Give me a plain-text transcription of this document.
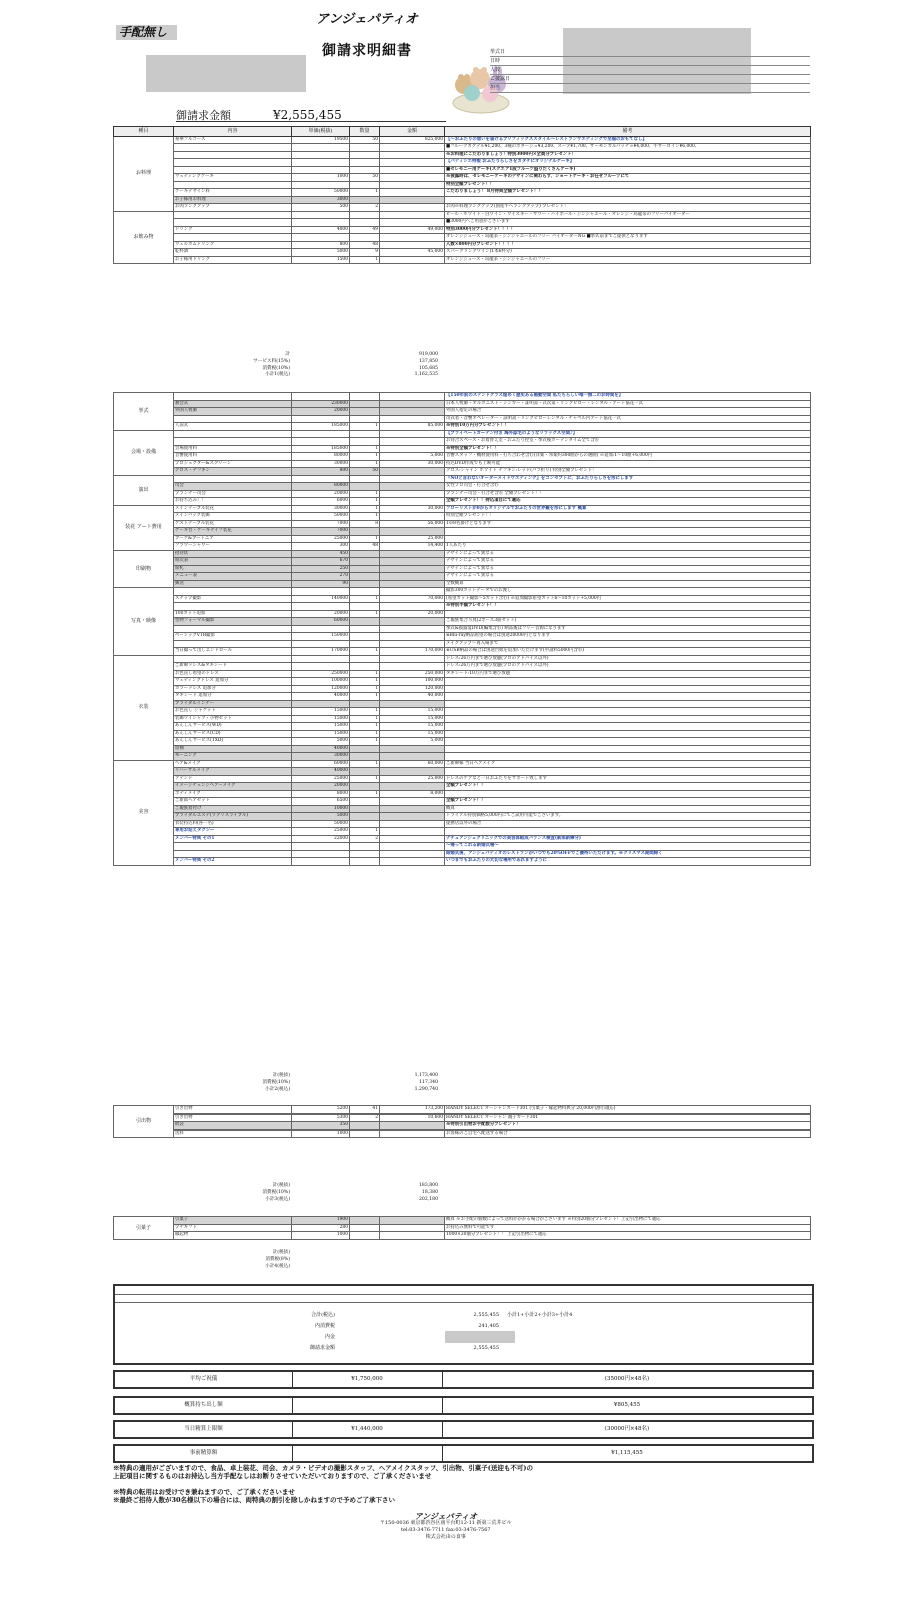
手配無し
アンジェパティオ
御請求明細書	挙式日
日時
人数
ご披露日
担当
御請求金額	¥2,555,455
種目	内容	単価(税抜)	数量	金額	備考
お料理	豪華フルコース	19500	50	825,000	【〜おふたりの想いを届けるプリフィックススタイル〜レストランウエディングで至福のおもてなし】
					■フルーツカクテル¥1,200、3種のポタージュ¥3,200、スープ¥1,700、サーモンカルパッチョ¥4,000、牛サーロイン¥6,000、
					※お料理にこだわりましょう！特別3000円×全員分プレゼント！
					【パティシエ特製 おふたりらしさをカタチにオリジナルケーキ】
					■セレモニー用ケーキ(スクエア1段フルーツ盛りだくさんケーキ)
	ウェディングケーキ	1000	50		※披露時は、セレモニーケーキのデザインに関わらず、ショートケーキ・お任せフルーツにて
					特別全額プレゼント！！
	ケーキデザイン料	50000	1		こだわりましょう！ 8月特典全額プレゼント！！
	お子様用お料理	3000			
	お肉ランクアップ	500	2		お肉※料理ランクアップ(国産牛へランクアップ) プレゼント！
お飲み物					ビール・ホワイト・白ワイン・ウイスキー・サワー・ハイボール・ジンジャエール・オレンジ・烏龍茶のフリーバイオーダー
					■3000円へご用意がございます
	ドリンク	4000	49	49,000	特別3000円分プレゼント！！！！
					オレンジジュース・烏龍茶・ジンジャエールのフリー バイオーダーNG ■挙式前までご提供となります
	ウェルカムドリンク	800	48		人数×800円分プレゼント！！！！
	乾杯酒	5000	9	45,000	スパークリングワイン(1本6杯分)
	お子様用ドリンク	1500	1		オレンジジュース・烏龍茶・ジンジャエールのフリー
計	919,000
サービス料(15%)	137,850
消費税(10%)	105,685
小計1(税込)	1,162,535
挙式					【150年前のステンドグラス煌めく歴史ある感動空間 私たちらしい唯一無二のお時間を】
	教会式	230000			日本人牧師・オルガニスト・シンガー・証明書・式次第・リングピロー・レンタル・アート協花一式
	外国人牧師	20000			外国人指定の場合
					司式者・音響オペレーター・証明書・リングピローレンタル・チャペル内アート協花一式
	人前式	185000	1	85,000	※特別10万円分プレゼント！！
会場・設備					【プライベートガーデン付き 海外邸宅のようなリラックス空間♪】
					お待合スペース・お着替え室・おふたり控室・挙式後ガーデンタイム全て含む
	会場使用料	185000	1		※特別全額プレゼント！！
	音響使用料	80000	1	5,000	音響スタッフ・機材使用料・打ち合わせ含む(洋楽・邦楽約300曲からの選曲) ※追加:1〜10曲+6,000円
	プロジェクター&スクリーン	30000	1	30,000	持込DVD作成でも上映可能
	クロス・ナフキン	800	50		クロス:シャイン ホワイト ナフキン:レッド(バラ折り) 特別全額プレゼント！
演出					『NOと言わないオーダーメイドウエディング』をコンセプトに、おふたりらしさを形にします
	司会	80000			女性プロ司会・打合せ含む
	プランナー司会	20000	1		プランナー司会・打合せ含む 全額プレゼント！！
	お持ち込み！！	6000	1		全額プレゼント！！持込項目にて適応
装花 アート費用	メインテーブル装花	30000	1	30,000	フローリストが0からオリジナルでおふたりの世界観を形にします 概算
	メインバック装飾	50000	1		特別全額プレゼント！！
	ゲストテーブル装花	7000	8	56,000	1卓8名掛けとなります
	ケーキ台・ケーキナイフ装花	7000			
	ブーケ&ブートニア	25000	1	25,000	
	フラワーシャワー	300	48	14,400	1人あたり
印刷物	招待状	450			デザインによって異なる
	席次表	670			デザインによって異なる
	席札	250			デザインによって異なる
	メニュー表	270			デザインによって異なる
	郵送	90			全数概算
写真・映像					撮影300カットデータでのお渡し
	スナップ撮影	140000	1	70,000	(希望カット撮影〜5カット含む) ※追加撮影希望カット6〜10カット+5,000円
					※特別半額プレゼント！！
	100カット追加	20000	1	20,000	
	型物フォーマル撮影	60000			ご親族集合写真(2ポーズ3面セット)
					挙式&披露宴DVD(編集含む) 納品後はフリー音源になります
	ベーシックVTR撮影	150000			※Blu-ray納品希望の場合は別途20000円となります
					メイクアップ〜再入場まで
	当日撮って出しエンドロール	170000	1	170,000	※USB納品の場合は別途台紙を追加いただけます(申請料5000円含む)
衣装					ドレス:26万円まで選び放題(プロのアドバイス以外)
	ご新婦ドレス&タキシード				ドレス:26万円まで選び放題(プロのアドバイス以外)
	お色直し希望のドレス	250000	1	250,000	タキシード:10万円まで選び放題
	ウェディングドレス 追加分	100000	1	100,000	
	カラードレス 追加分	120000	1	120,000	
	タキシード 追加分	40000	1	40,000	
	ブライダルインナー				
	お色直し ジャケット	15000	1	15,000	
	装飾ワイシャツ・小物セット	15000	1	15,000	
	あんしんサービス(WD)	15000	1	15,000	
	あんしんサービス(CD)	15000	1	15,000	
	あんしんサービス(TXD)	5000	1	5,000	
	留袖	40000			
	モーニング	30000			
美容	ヘア&メイク	60000	1	60,000	ご新婦様 当日ヘアメイク
	リハーサルメイク	40000			
	アテンド	25000	1	25,000	ドレスのケアなど一日おふたりをサポート致します
	イメージチェンジヘアーメイク	20000			全額プレゼント！！
	ボディメイク	8000	1	8,000	
	ご新郎ヘアセット	6500			全額プレゼント！！
	ご親族着付け	10000			概算
	ブライダルエステ(ラグリスライブル)	5000			トライアル特別価格5,000円にてご試用可能でございます。
	衣装持込料(各一名)	50000			提携店以外の場合
	専用お迎えタクシー	25000	1		
	メンバー特典 その1	22000	2		ナチュアンジェクリニックでの美容体組成バランス検査(新郎新婦分)
					〜帰ってこれる新婚式場〜
					結婚式後、アンジェパティオのレストランがいつでも20%OFFでご優待いただけます。※クリスマス期間除く
	メンバー特典 その2				いつまでもおふたりの大切な場所であれますように
計(税抜)	1,173,400
消費税(10%)	117,340
小計2(税込)	1,290,740
引出物	引き出物	5200	41	173,200	HANDY SELECT オーシャンカード301 (引菓子・縁起物特典分 20,000円割引適応)

	引き出物	5300	2	10,600	HANDY SELECT オーシャン 親子カード301
	紙袋	350			※特別引出物お手配数分プレゼント！

	送料	1000			お客様のご自宅へ配送する場合
計(税抜)	183,800
消費税(10%)	18,380
小計3(税込)	202,180
引菓子	引菓子	1900			概算 ※お手配の個数によって送料がかかる場合がございます ※特別20個分プレゼント！上記引出物にて適応
	プチギフト	280			お持込み無料で可能です
	縁起物	1000			1000×20個分プレゼント！！ 上記引出物にて適応
計(税抜)
消費税(8%)
小計4(税込)
合計(税込)	2,555,455 小計1+小計2+小計3+小計4
内消費税	241,405
内金
御請求金額	2,555,455
平均ご祝儀	¥1,750,000	(35000円×48名)
概算持ち出し額	¥805,455
当日精算上限額	¥1,440,000	(30000円×48名)
事前精算額	¥1,115,455
※特典の適用がございますので、食品、卓上装花、司会、カメラ・ビデオの撮影スタッフ、ヘアメイクスタッフ、引出物、引菓子(送迎も不可)の
上記項目に関するものはお持込し当方手配なしはお断りさせていただいておりますので、ご了承くださいませ
※特典の転用はお受けでき兼ねますので、ご了承くださいませ
※最終ご招待人数が30名様以下の場合には、両特典の割引を除しかねますので予めご了承下さい
アンジェパティオ
〒150-0036 東京都渋谷区南平台町12-11 新第三荒井ビル
tel:03-3476-7711 fax:03-3476-7567
株式会社由の食事
